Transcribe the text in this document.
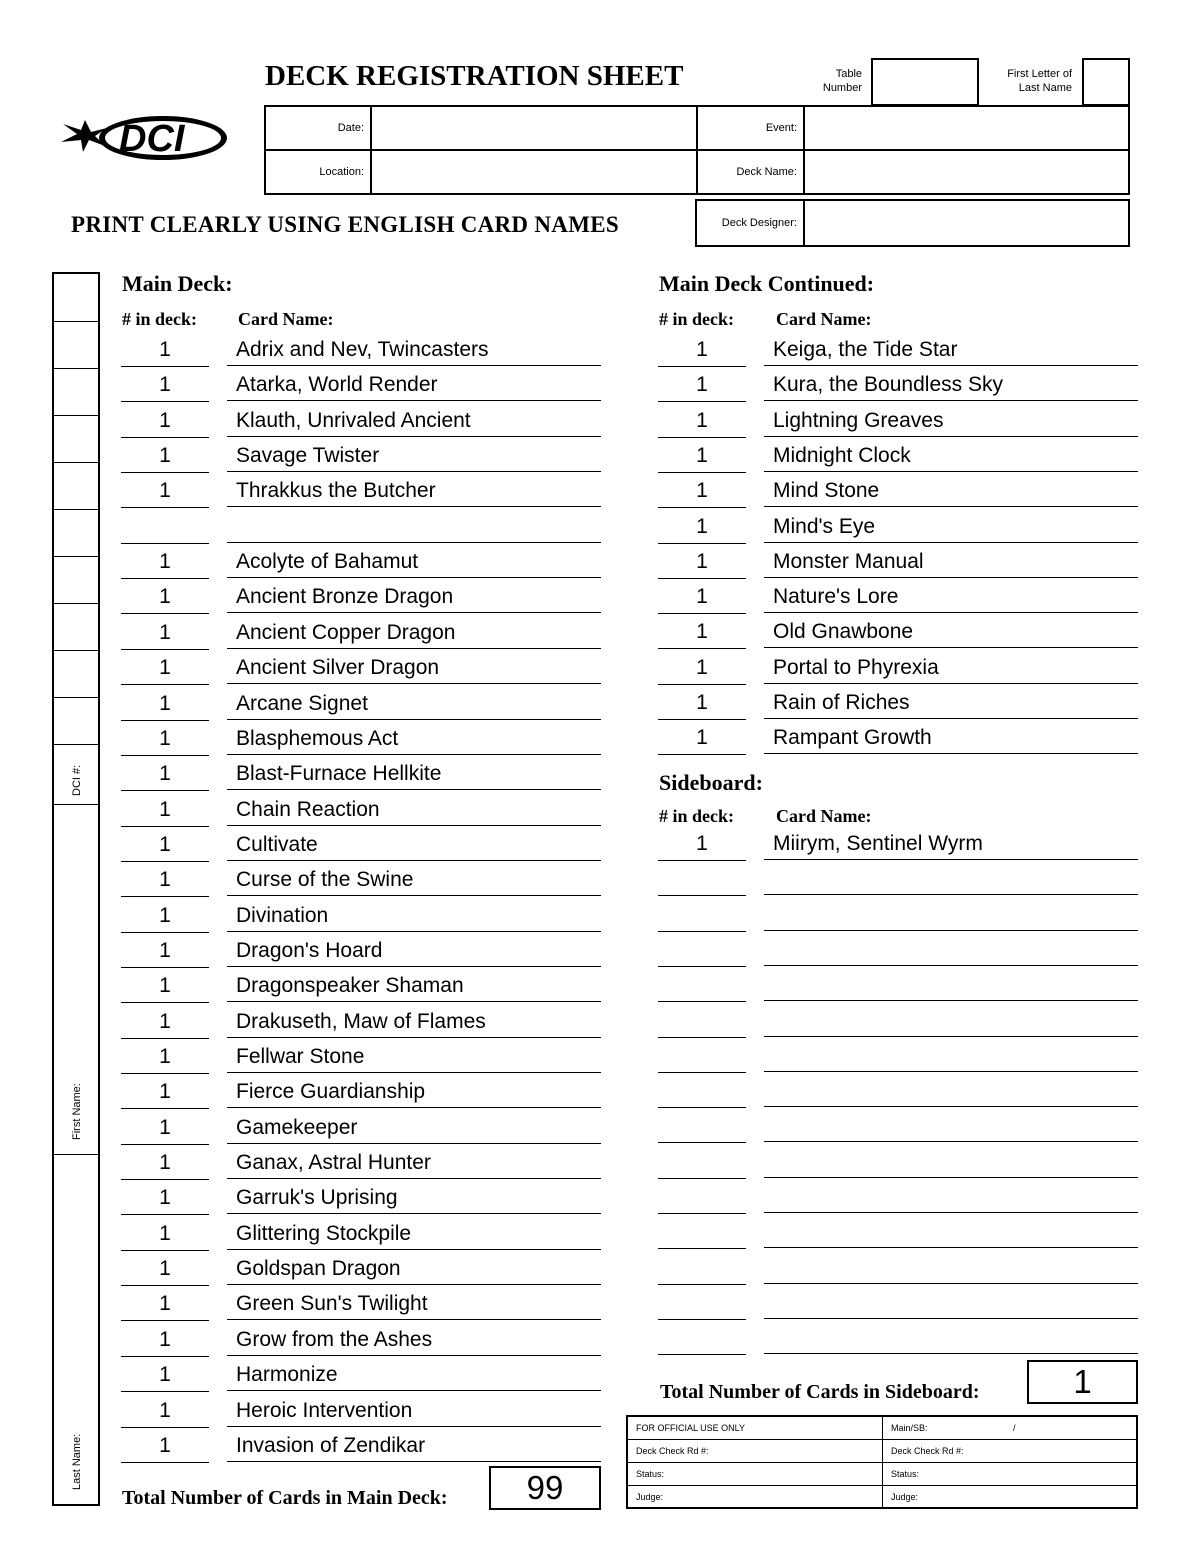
DCI
DECK REGISTRATION SHEET	Table Number
First Letter of Last Name
Date:		Event:	
Location:		Deck Name:	
Deck Designer:
PRINT CLEARLY USING ENGLISH CARD NAMES
DCI #:
First Name:
Last Name:
Main Deck:
# in deck: Card Name:
1	Adrix and Nev, Twincasters
1	Atarka, World Render
1	Klauth, Unrivaled Ancient
1	Savage Twister
1	Thrakkus the Butcher
1	Acolyte of Bahamut
1	Ancient Bronze Dragon
1	Ancient Copper Dragon
1	Ancient Silver Dragon
1	Arcane Signet
1	Blasphemous Act
1	Blast-Furnace Hellkite
1	Chain Reaction
1	Cultivate
1	Curse of the Swine
1	Divination
1	Dragon's Hoard
1	Dragonspeaker Shaman
1	Drakuseth, Maw of Flames
1	Fellwar Stone
1	Fierce Guardianship
1	Gamekeeper
1	Ganax, Astral Hunter
1	Garruk's Uprising
1	Glittering Stockpile
1	Goldspan Dragon
1	Green Sun's Twilight
1	Grow from the Ashes
1	Harmonize
1	Heroic Intervention
1	Invasion of Zendikar
Total Number of Cards in Main Deck:	99
Main Deck Continued:
# in deck: Card Name:
1	Keiga, the Tide Star
1	Kura, the Boundless Sky
1	Lightning Greaves
1	Midnight Clock
1	Mind Stone
1	Mind's Eye
1	Monster Manual
1	Nature's Lore
1	Old Gnawbone
1	Portal to Phyrexia
1	Rain of Riches
1	Rampant Growth
Sideboard:
# in deck: Card Name:
1	Miirym, Sentinel Wyrm
Total Number of Cards in Sideboard:	1
FOR OFFICIAL USE ONLY	Main/SB:	/
Deck Check Rd #:	Deck Check Rd #:
Status:	Status:
Judge:	Judge:
